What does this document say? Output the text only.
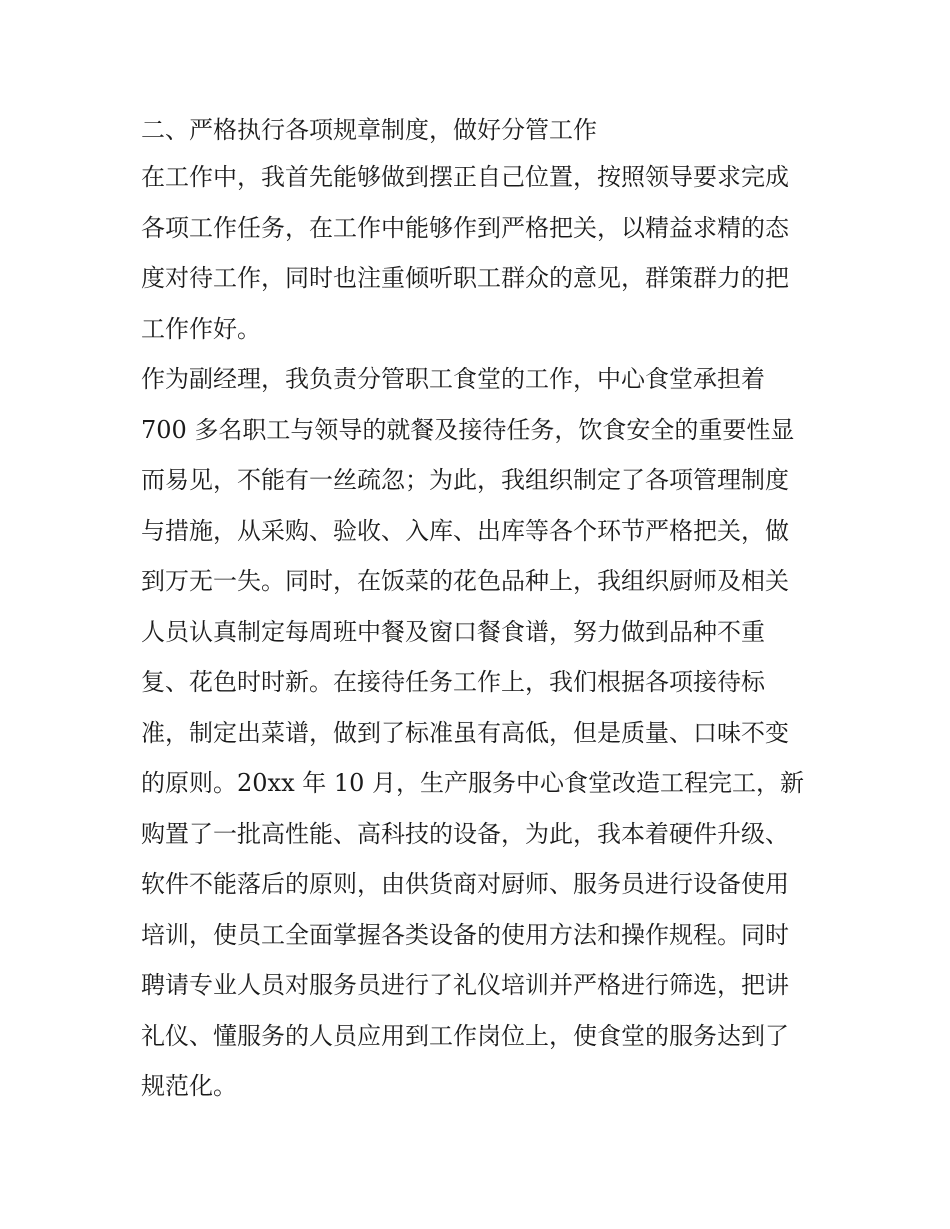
二、严格执行各项规章制度，做好分管工作
在工作中，我首先能够做到摆正自己位置，按照领导要求完成
各项工作任务，在工作中能够作到严格把关，以精益求精的态
度对待工作，同时也注重倾听职工群众的意见，群策群力的把
工作作好。
作为副经理，我负责分管职工食堂的工作，中心食堂承担着
700 多名职工与领导的就餐及接待任务，饮食安全的重要性显
而易见，不能有一丝疏忽；为此，我组织制定了各项管理制度
与措施，从采购、验收、入库、出库等各个环节严格把关，做
到万无一失。同时，在饭菜的花色品种上，我组织厨师及相关
人员认真制定每周班中餐及窗口餐食谱，努力做到品种不重
复、花色时时新。在接待任务工作上，我们根据各项接待标
准，制定出菜谱，做到了标准虽有高低，但是质量、口味不变
的原则。20xx 年 10 月，生产服务中心食堂改造工程完工，新
购置了一批高性能、高科技的设备，为此，我本着硬件升级、
软件不能落后的原则，由供货商对厨师、服务员进行设备使用
培训，使员工全面掌握各类设备的使用方法和操作规程。同时
聘请专业人员对服务员进行了礼仪培训并严格进行筛选，把讲
礼仪、懂服务的人员应用到工作岗位上，使食堂的服务达到了
规范化。
